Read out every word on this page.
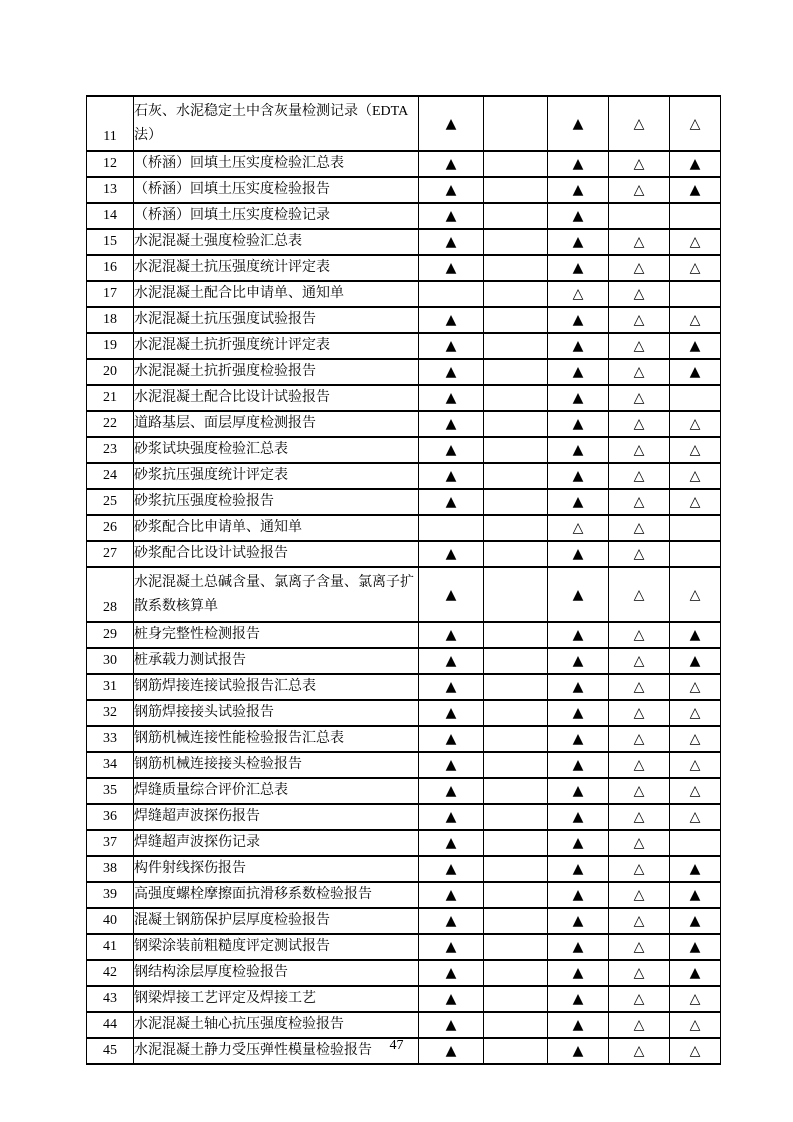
11	石灰、水泥稳定土中含灰量检测记录（EDTA法）	▲		▲	△	△
12	（桥涵）回填土压实度检验汇总表	▲		▲	△	▲
13	（桥涵）回填土压实度检验报告	▲		▲	△	▲
14	（桥涵）回填土压实度检验记录	▲		▲		
15	水泥混凝土强度检验汇总表	▲		▲	△	△
16	水泥混凝土抗压强度统计评定表	▲		▲	△	△
17	水泥混凝土配合比申请单、通知单			△	△	
18	水泥混凝土抗压强度试验报告	▲		▲	△	△
19	水泥混凝土抗折强度统计评定表	▲		▲	△	▲
20	水泥混凝土抗折强度检验报告	▲		▲	△	▲
21	水泥混凝土配合比设计试验报告	▲		▲	△	
22	道路基层、面层厚度检测报告	▲		▲	△	△
23	砂浆试块强度检验汇总表	▲		▲	△	△
24	砂浆抗压强度统计评定表	▲		▲	△	△
25	砂浆抗压强度检验报告	▲		▲	△	△
26	砂浆配合比申请单、通知单			△	△	
27	砂浆配合比设计试验报告	▲		▲	△	
28	水泥混凝土总碱含量、氯离子含量、氯离子扩散系数核算单	▲		▲	△	△
29	桩身完整性检测报告	▲		▲	△	▲
30	桩承载力测试报告	▲		▲	△	▲
31	钢筋焊接连接试验报告汇总表	▲		▲	△	△
32	钢筋焊接接头试验报告	▲		▲	△	△
33	钢筋机械连接性能检验报告汇总表	▲		▲	△	△
34	钢筋机械连接接头检验报告	▲		▲	△	△
35	焊缝质量综合评价汇总表	▲		▲	△	△
36	焊缝超声波探伤报告	▲		▲	△	△
37	焊缝超声波探伤记录	▲		▲	△	
38	构件射线探伤报告	▲		▲	△	▲
39	高强度螺栓摩擦面抗滑移系数检验报告	▲		▲	△	▲
40	混凝土钢筋保护层厚度检验报告	▲		▲	△	▲
41	钢梁涂装前粗糙度评定测试报告	▲		▲	△	▲
42	钢结构涂层厚度检验报告	▲		▲	△	▲
43	钢梁焊接工艺评定及焊接工艺	▲		▲	△	△
44	水泥混凝土轴心抗压强度检验报告	▲		▲	△	△
45	水泥混凝土静力受压弹性模量检验报告	▲		▲	△	△
47
